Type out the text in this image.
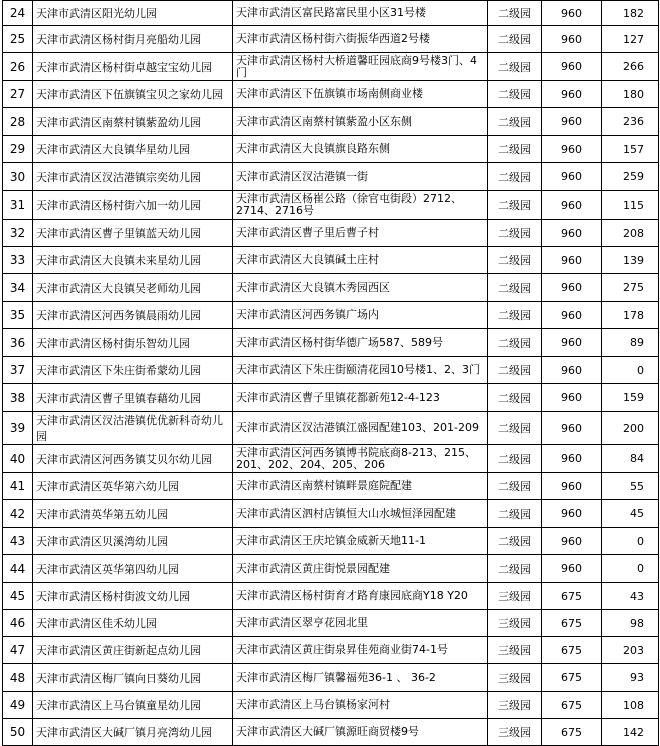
24	天津市武清区阳光幼儿园	天津市武清区富民路富民里小区31号楼	二级园	960	182
25	天津市武清区杨村街月亮船幼儿园	天津市武清区杨村街六街振华西道2号楼	二级园	960	127
26	天津市武清区杨村街卓越宝宝幼儿园	天津市武清区杨村大桥道馨旺园底商9号楼3门、4门	二级园	960	266
27	天津市武清区下伍旗镇宝贝之家幼儿园	天津市武清区下伍旗镇市场南侧商业楼	二级园	960	180
28	天津市武清区南蔡村镇紫盈幼儿园	天津市武清区南蔡村镇紫盈小区东侧	二级园	960	236
29	天津市武清区大良镇华星幼儿园	天津市武清区大良镇旗良路东侧	二级园	960	157
30	天津市武清区汊沽港镇宗奕幼儿园	天津市武清区汊沽港镇一街	二级园	960	259
31	天津市武清区杨村街六加一幼儿园	天津市武清区杨崔公路（徐官屯街段）2712、2714、2716号	二级园	960	115
32	天津市武清区曹子里镇蓝天幼儿园	天津市武清区曹子里后曹子村	二级园	960	208
33	天津市武清区大良镇未来星幼儿园	天津市武清区大良镇碱土庄村	二级园	960	139
34	天津市武清区大良镇吴老师幼儿园	天津市武清区大良镇木秀园西区	二级园	960	275
35	天津市武清区河西务镇晨雨幼儿园	天津市武清区河西务镇广场内	二级园	960	178
36	天津市武清区杨村街乐智幼儿园	天津市武清区杨村街华德广场587、589号	二级园	960	89
37	天津市武清区下朱庄街希蒙幼儿园	天津市武清区下朱庄街颐清花园10号楼1、2、3门	二级园	960	0
38	天津市武清区曹子里镇春藉幼儿园	天津市武清区曹子里镇花都新苑12-4-123	二级园	960	159
39	天津市武清区汊沽港镇优优新科奇幼儿园	天津市武清区汊沽港镇江盛园配建103、201-209	二级园	960	200
40	天津市武清区河西务镇艾贝尔幼儿园	天津市武清区河西务镇博书院底商8-213、215、201、202、204、205、206	二级园	960	84
41	天津市武清区英华第六幼儿园	天津市武清区南蔡村镇畔景庭院配建	二级园	960	55
42	天津市武清英华第五幼儿园	天津市武清区泗村店镇恒大山水城恒泽园配建	二级园	960	45
43	天津市武清区贝溪湾幼儿园	天津市武清区王庆坨镇金威新天地11-1	二级园	960	0
44	天津市武清区英华第四幼儿园	天津市武清区黄庄街悦景园配建	二级园	960	0
45	天津市武清区杨村街波文幼儿园	天津市武清区杨村街育才路育康园底商Y18 Y20	三级园	675	43
46	天津市武清区佳禾幼儿园	天津市武清区翠亨花园北里	三级园	675	98
47	天津市武清区黄庄街新起点幼儿园	天津市武清区黄庄街泉昇佳苑商业街74-1号	三级园	675	203
48	天津市武清区梅厂镇向日葵幼儿园	天津市武清区梅厂镇馨福苑36-1 、 36-2	三级园	675	93
49	天津市武清区上马台镇童星幼儿园	天津市武清区上马台镇杨家河村	三级园	675	108
50	天津市武清区大碱厂镇月亮湾幼儿园	天津市武清区大碱厂镇源旺商贸楼9号	三级园	675	142
